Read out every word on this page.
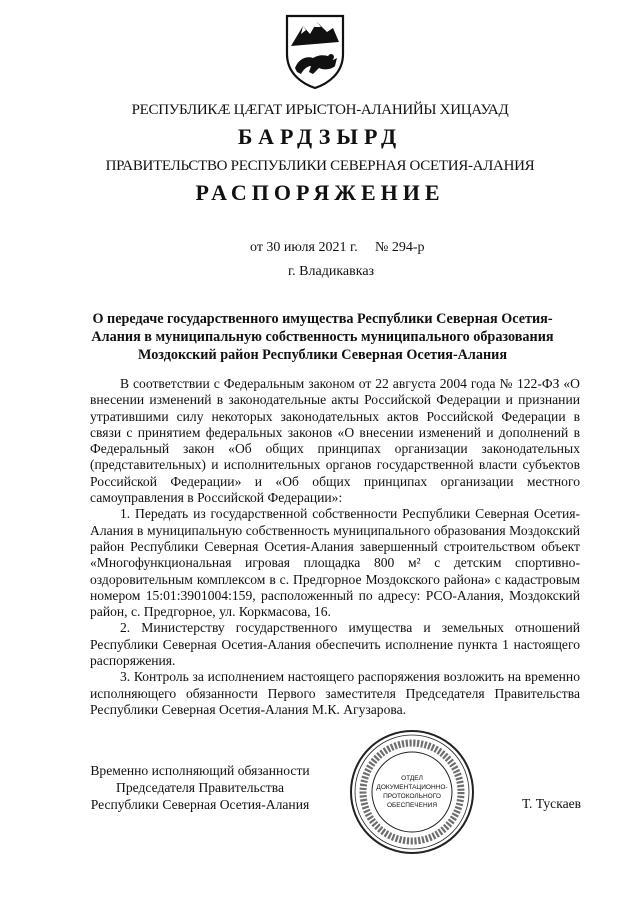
РЕСПУБЛИКӔ ЦӔГАТ ИРЫСТОН-АЛАНИЙЫ ХИЦАУАД
БАРДЗЫРД
ПРАВИТЕЛЬСТВО РЕСПУБЛИКИ СЕВЕРНАЯ ОСЕТИЯ-АЛАНИЯ
РАСПОРЯЖЕНИЕ
от 30 июля 2021 г. № 294-р
г. Владикавказ
О передаче государственного имущества Республики Северная Осетия-Алания в муниципальную собственность муниципального образования Моздокский район Республики Северная Осетия-Алания

В соответствии с Федеральным законом от 22 августа 2004 года № 122-ФЗ «О внесении изменений в законодательные акты Российской Федерации и признании утратившими силу некоторых законодательных актов Российской Федерации в связи с принятием федеральных законов «О внесении изменений и дополнений в Федеральный закон «Об общих принципах организации законодательных (представительных) и исполнительных органов государственной власти субъектов Российской Федерации» и «Об общих принципах организации местного самоуправления в Российской Федерации»:

1. Передать из государственной собственности Республики Северная Осетия-Алания в муниципальную собственность муниципального образования Моздокский район Республики Северная Осетия-Алания завершенный строительством объект «Многофункциональная игровая площадка 800 м² с детским спортивно-оздоровительным комплексом в с. Предгорное Моздокского района» с кадастровым номером 15:01:3901004:159, расположенный по адресу: РСО-Алания, Моздокский район, с. Предгорное, ул. Коркмасова, 16.

2. Министерству государственного имущества и земельных отношений Республики Северная Осетия-Алания обеспечить исполнение пункта 1 настоящего распоряжения.

3. Контроль за исполнением настоящего распоряжения возложить на временно исполняющего обязанности Первого заместителя Председателя Правительства Республики Северная Осетия-Алания М.К. Агузарова.

Временно исполняющий обязанности
Председателя Правительства
Республики Северная Осетия-Алания
ОТДЕЛ
ДОКУМЕНТАЦИОННО-
ПРОТОКОЛЬНОГО
ОБЕСПЕЧЕНИЯ	Т. Тускаев
